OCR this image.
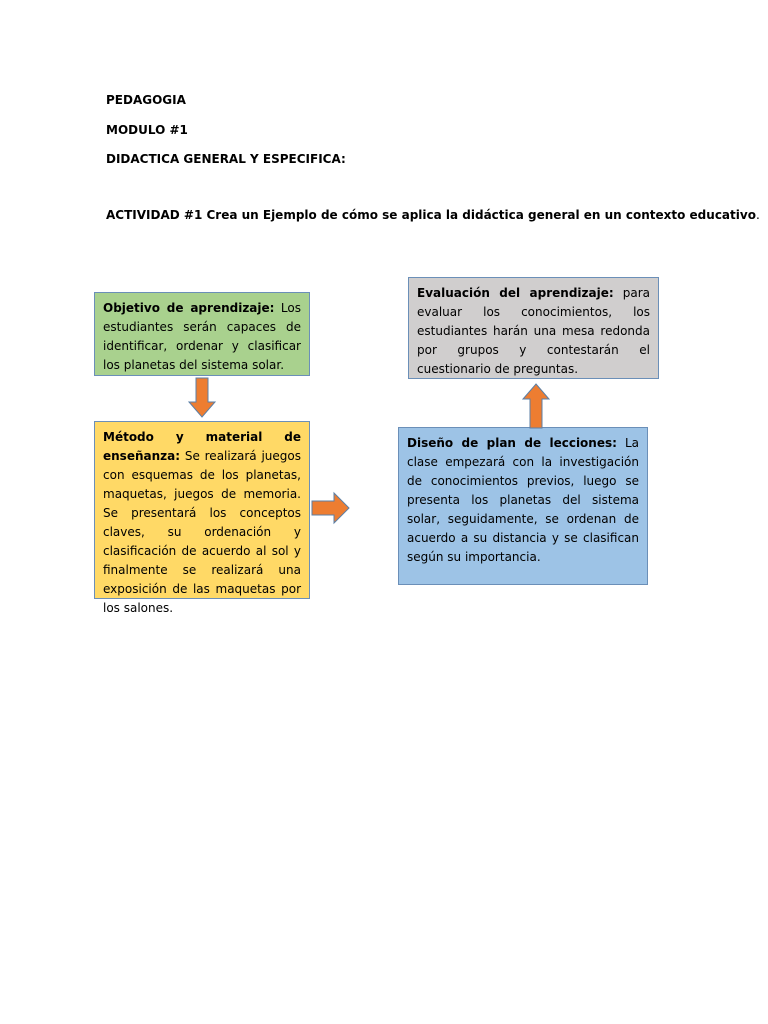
PEDAGOGIA
MODULO #1
DIDACTICA GENERAL Y ESPECIFICA:
ACTIVIDAD #1 Crea un Ejemplo de cómo se aplica la didáctica general en un contexto educativo.
Objetivo de aprendizaje: Los estudiantes serán capaces de identificar, ordenar y clasificar los planetas del sistema solar.
Método y material de enseñanza: Se realizará juegos con esquemas de los planetas, maquetas, juegos de memoria. Se presentará los conceptos claves, su ordenación y clasificación de acuerdo al sol y finalmente se realizará una exposición de las maquetas por los salones.
Diseño de plan de lecciones: La clase empezará con la investigación de conocimientos previos, luego se presenta los planetas del sistema solar, seguidamente, se ordenan de acuerdo a su distancia y se clasifican según su importancia.
Evaluación del aprendizaje: para evaluar los conocimientos, los estudiantes harán una mesa redonda por grupos y contestarán el cuestionario de preguntas.
